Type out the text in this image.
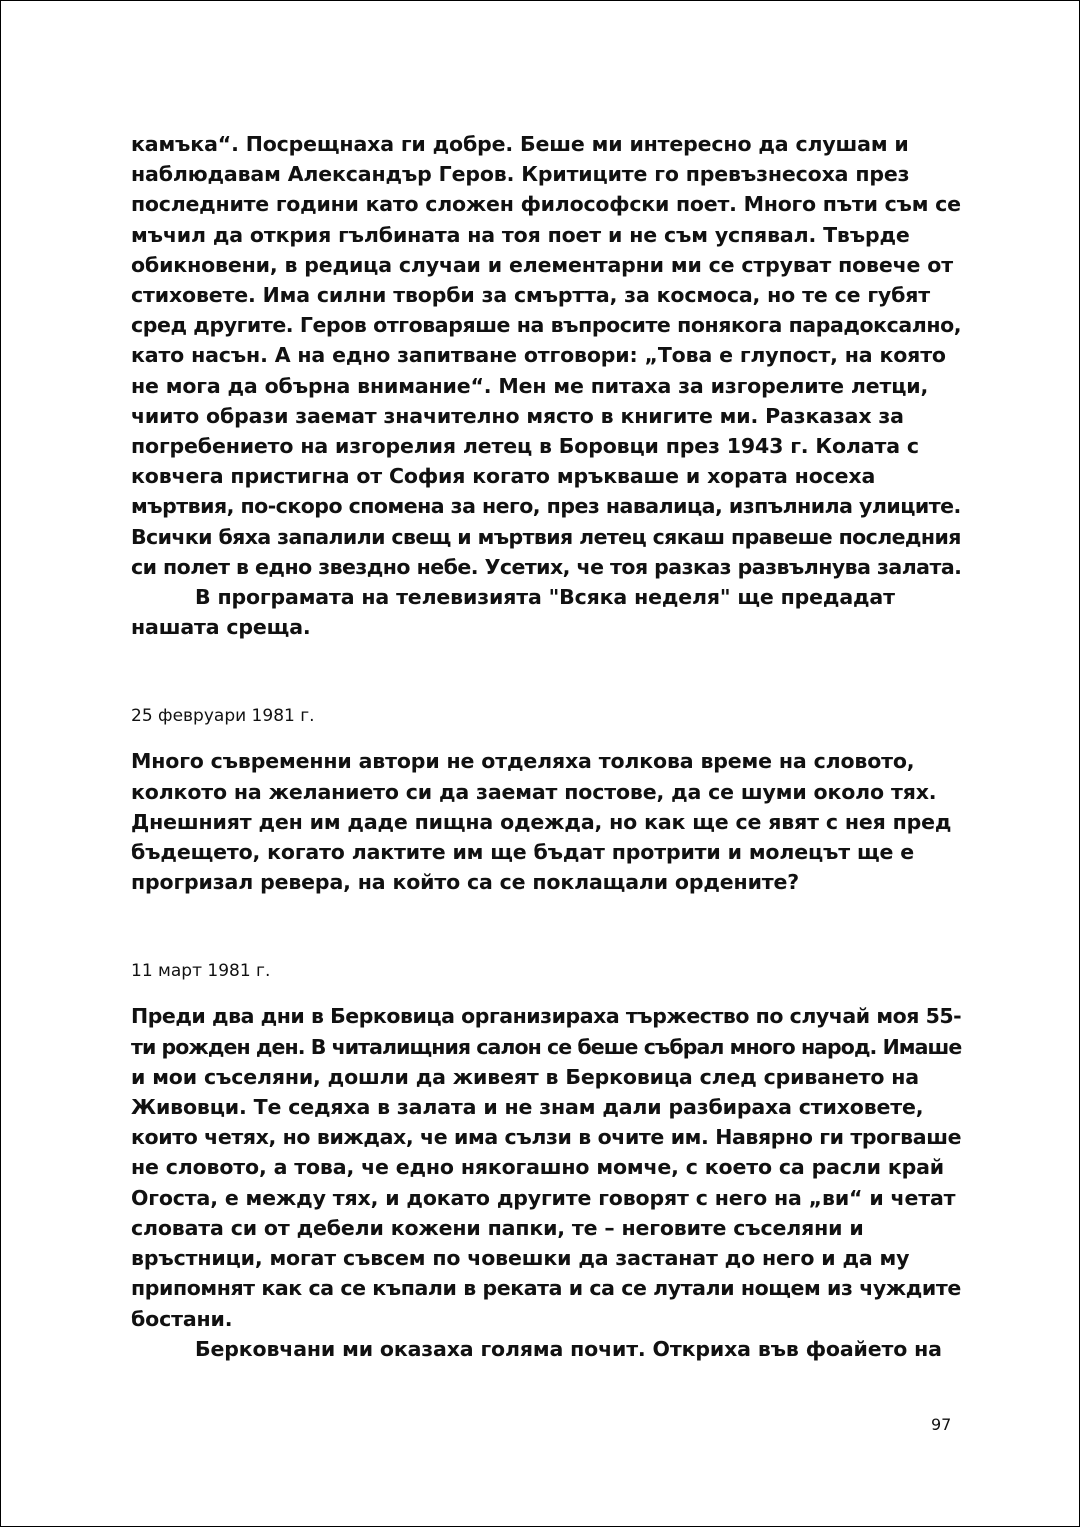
камъка“. Посрещнаха ги добре. Беше ми интересно да слушам и
наблюдавам Александър Геров. Критиците го превъзнесоха през
последните години като сложен философски поет. Много пъти съм се
мъчил да открия гълбината на тоя поет и не съм успявал. Твърде
обикновени, в редица случаи и елементарни ми се струват повече от
стиховете. Има силни творби за смъртта, за космоса, но те се губят
сред другите. Геров отговаряше на въпросите понякога парадоксално,
като насън. А на едно запитване отговори: „Това е глупост, на която
не мога да обърна внимание“. Мен ме питаха за изгорелите летци,
чиито образи заемат значително място в книгите ми. Разказах за
погребението на изгорелия летец в Боровци през 1943 г. Колата с
ковчега пристигна от София когато мръкваше и хората носеха
мъртвия, по-скоро спомена за него, през навалица, изпълнила улиците.
Всички бяха запалили свещ и мъртвия летец сякаш правеше последния
си полет в едно звездно небе. Усетих, че тоя разказ развълнува залата.

В програмата на телевизията "Всяка неделя" ще предадат
нашата среща.

25 февруари 1981 г.

Много съвременни автори не отделяха толкова време на словото,
колкото на желанието си да заемат постове, да се шуми около тях.
Днешният ден им даде пищна одежда, но как ще се явят с нея пред
бъдещето, когато лактите им ще бъдат протрити и молецът ще е
прогризал ревера, на който са се поклащали ордените?

11 март 1981 г.

Преди два дни в Берковица организираха тържество по случай моя 55-
ти рожден ден. В читалищния салон се беше събрал много народ. Имаше
и мои съселяни, дошли да живеят в Берковица след сриването на
Живовци. Те седяха в залата и не знам дали разбираха стиховете,
които четях, но виждах, че има сълзи в очите им. Навярно ги трогваше
не словото, а това, че едно някогашно момче, с което са расли край
Огоста, е между тях, и докато другите говорят с него на „ви“ и четат
словата си от дебели кожени папки, те – неговите съселяни и
връстници, могат съвсем по човешки да застанат до него и да му
припомнят как са се къпали в реката и са се лутали нощем из чуждите
бостани.
Берковчани ми оказаха голяма почит. Откриха във фоайето на

97
